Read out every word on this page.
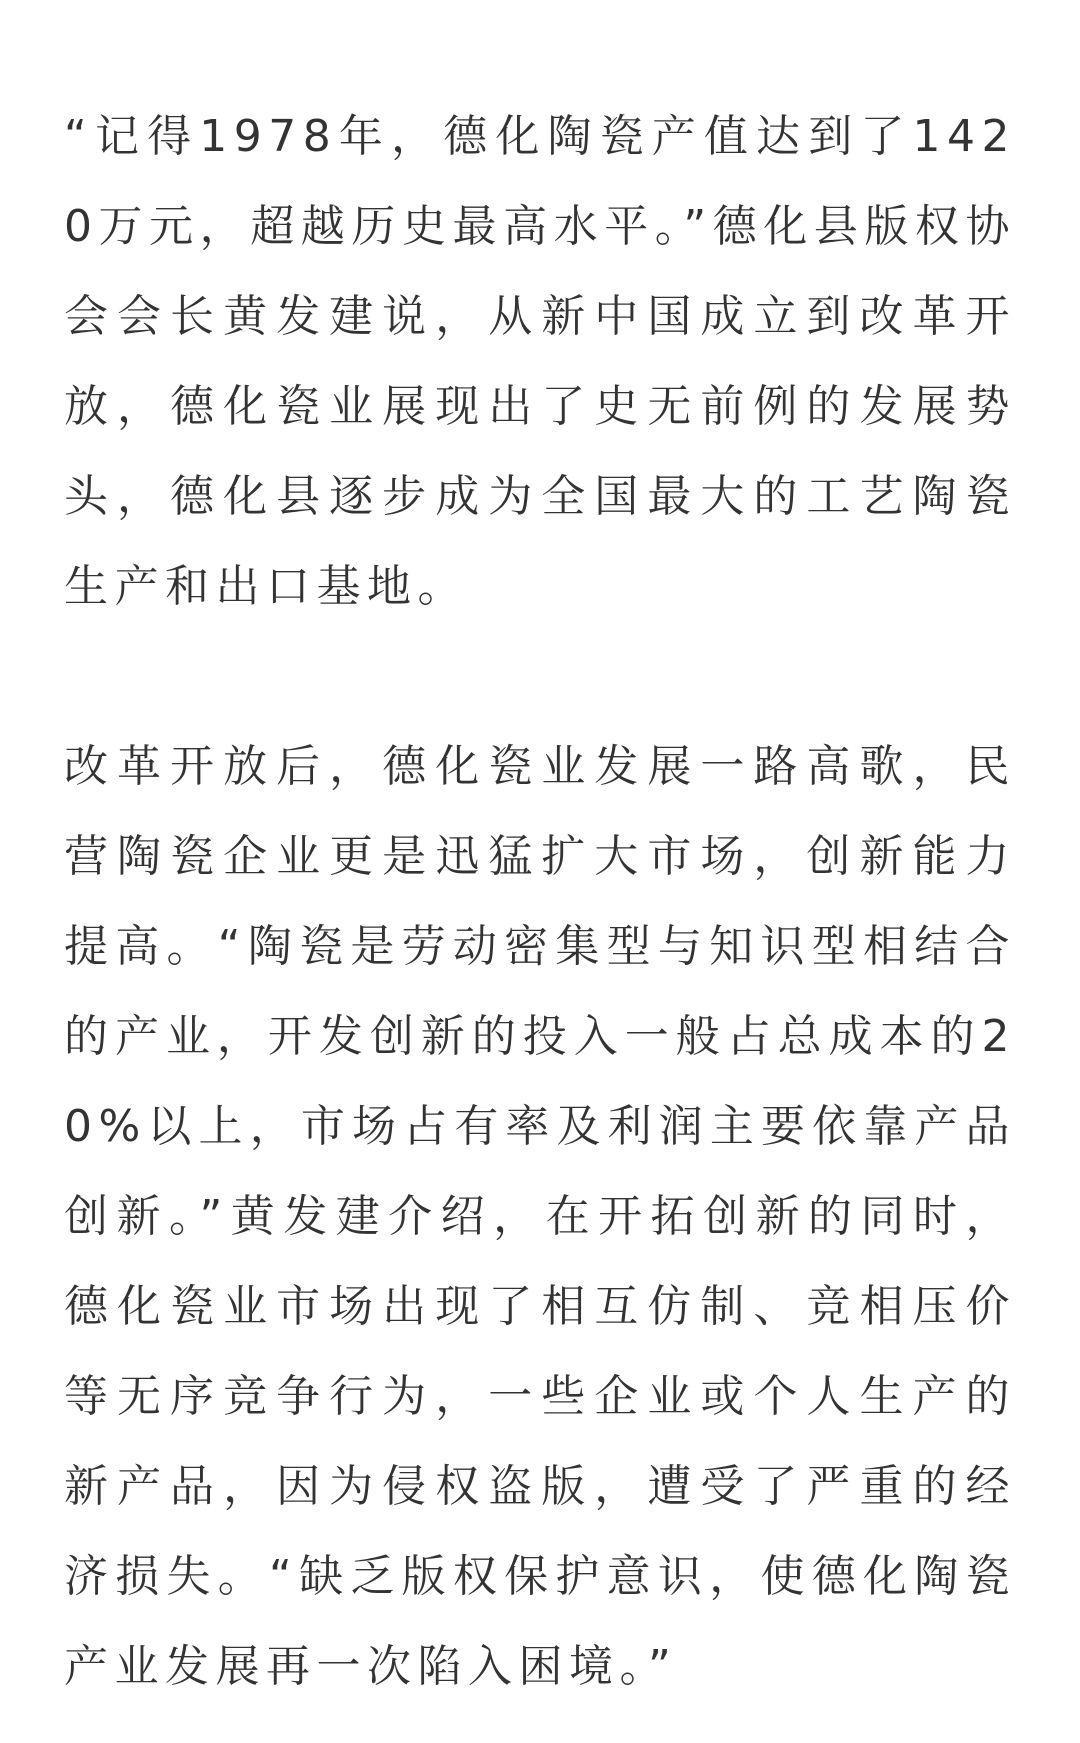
“记得1978年，德化陶瓷产值达到了1420万元，超越历史最高水平。”德化县版权协会会长黄发建说，从新中国成立到改革开放，德化瓷业展现出了史无前例的发展势头，德化县逐步成为全国最大的工艺陶瓷生产和出口基地。

改革开放后，德化瓷业发展一路高歌，民营陶瓷企业更是迅猛扩大市场，创新能力提高。“陶瓷是劳动密集型与知识型相结合的产业，开发创新的投入一般占总成本的20%以上，市场占有率及利润主要依靠产品创新。”黄发建介绍，在开拓创新的同时，德化瓷业市场出现了相互仿制、竞相压价等无序竞争行为，一些企业或个人生产的新产品，因为侵权盗版，遭受了严重的经济损失。“缺乏版权保护意识，使德化陶瓷产业发展再一次陷入困境。”
